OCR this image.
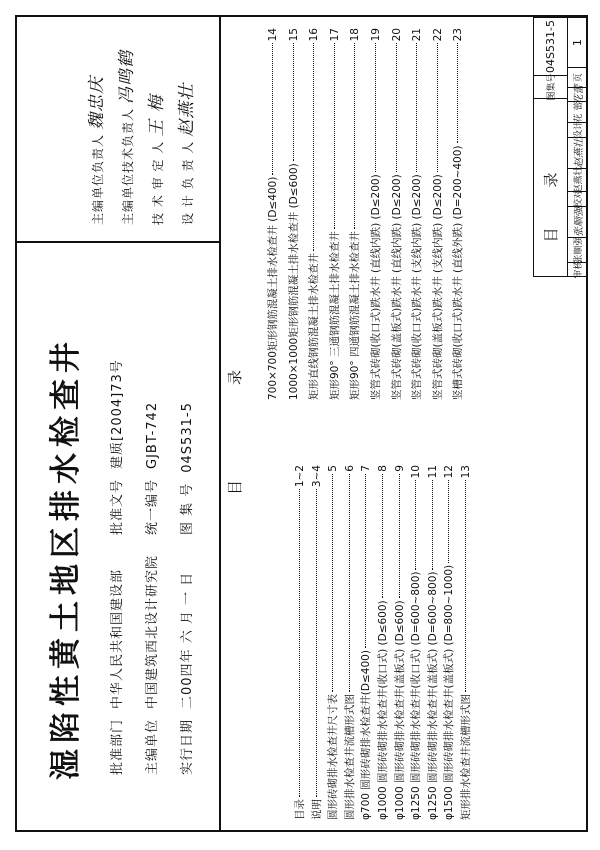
湿陷性黄土地区排水检查井	批准部门中华人民共和国建设部
批准文号建质[2004]73号
主编单位中国建筑西北设计研究院
统一编号GJBT-742
实行日期二00四年 六 月 一 日
图 集 号04S531-5
主编单位负责人魏忠庆
主编单位技术负责人冯鸣鹤
技 术 审 定 人王 梅
设 计 负 责 人赵燕壮
目
录
目录
1~2
说明
3~4
圆形砖砌排水检查井尺寸表
5
圆形排水检查井流槽形式图
6
φ700 圆形砖砌排水检查井(D≤400)
7
φ1000 圆形砖砌排水检查井(收口式) (D≤600)
8
φ1000 圆形砖砌排水检查井(盖板式) (D≤600)
9
φ1250 圆形砖砌排水检查井(收口式) (D=600~800)
10
φ1250 圆形砖砌排水检查井(盖板式) (D=600~800)
11
φ1500 圆形砖砌排水检查井(盖板式) (D=800~1000)
12
矩形排水检查井流槽形式图
13
700×700矩形钢筋混凝土排水检查井 (D≤400)
14
1000×1000矩形钢筋混凝土排水检查井 (D≤600)
15
矩形直线钢筋混凝土排水检查井
16
矩形90° 三通钢筋混凝土排水检查井
17
矩形90° 四通钢筋混凝土排水检查井
18
竖管式砖砌(收口式)跌水井 (直线内跌) (D≤200)
19
竖管式砖砌(盖板式)跌水井 (直线内跌) (D≤200)
20
竖管式砖砌(收口式)跌水井 (支线内跌) (D≤200)
21
竖管式砖砌(盖板式)跌水井 (支线内跌) (D≤200)
22
竖槽式砖砌(收口式)跌水井 (直线外跌) (D=200~400)
23
目录
图集号
04S531-5
审核
张顺强
张顺强
校对
赵燕壮
赵燕壮
设计
花 蕾
花蕾
页
1
